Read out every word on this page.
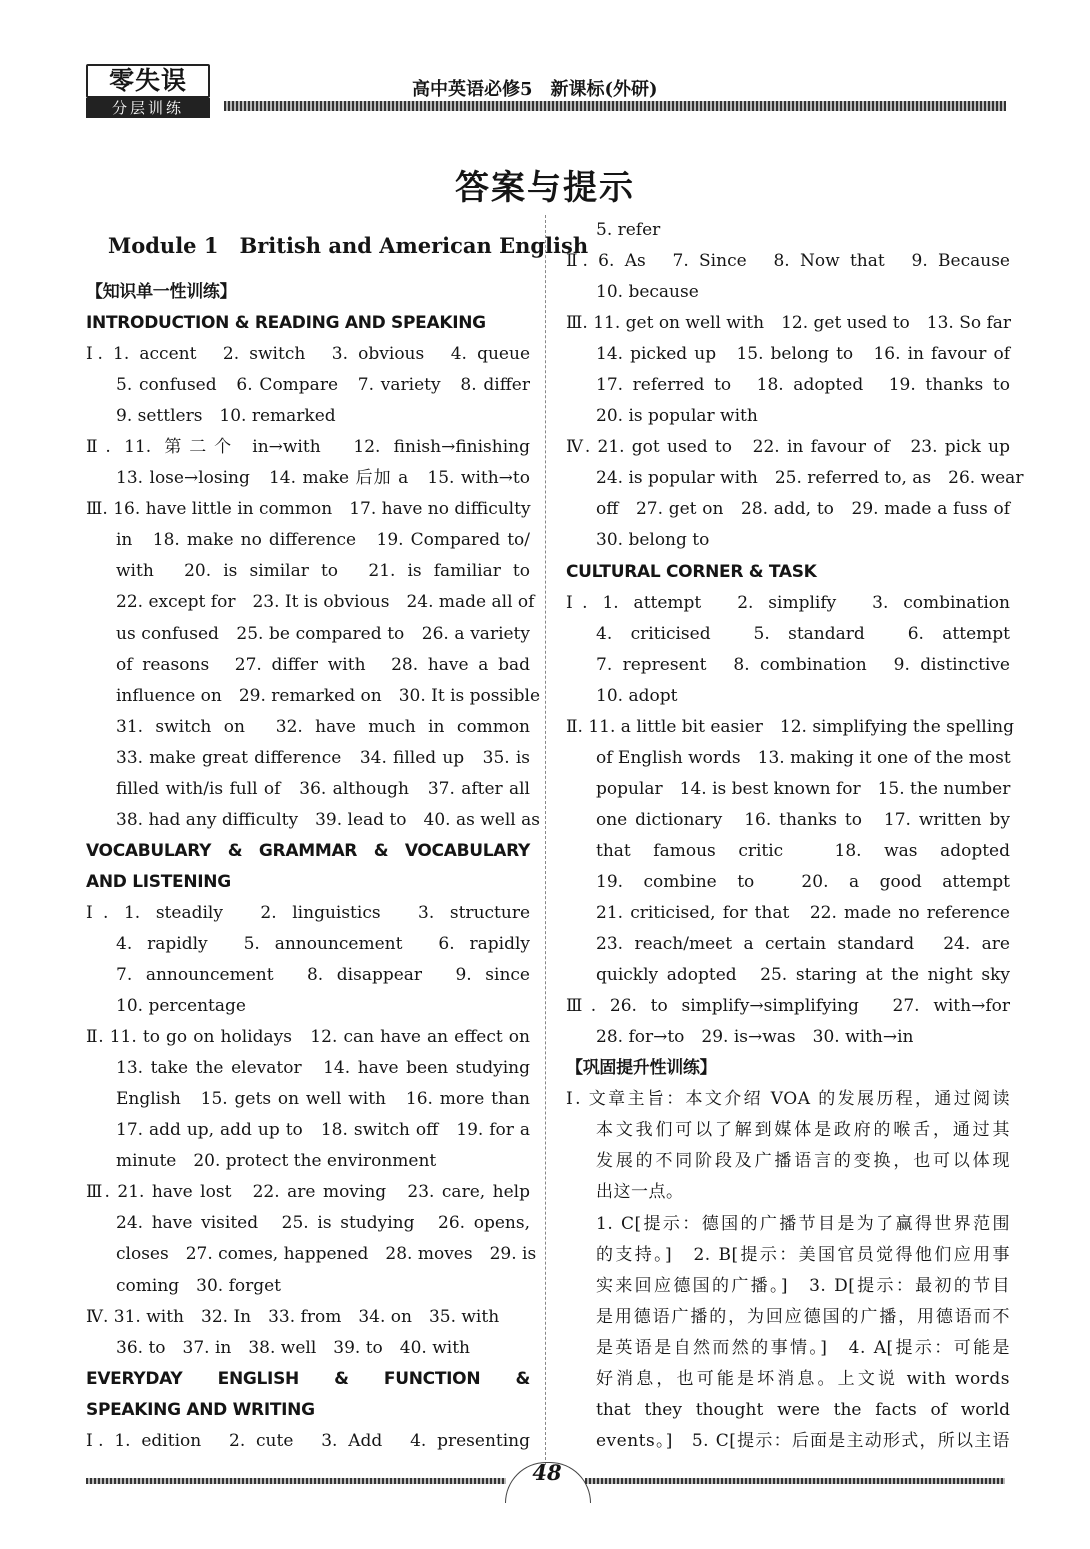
零失误
分层训练
高中英语必修5　新课标(外研)
答案与提示
Module 1　British and American English
【知识单一性训练】
INTRODUCTION & READING AND SPEAKING
Ⅰ. 1. accent　2. switch　3. obvious　4. queue
5. confused　6. Compare　7. variety　8. differ
9. settlers　10. remarked
Ⅱ. 11. 第二个 in→with　12. finish→finishing
13. lose→losing　14. make 后加 a　15. with→to
Ⅲ. 16. have little in common　17. have no difficulty
in　18. make no difference　19. Compared to/
with　20. is similar to　21. is familiar to
22. except for　23. It is obvious　24. made all of
us confused　25. be compared to　26. a variety
of reasons　27. differ with　28. have a bad
influence on　29. remarked on　30. It is possible
31. switch on　32. have much in common
33. make great difference　34. filled up　35. is
filled with/is full of　36. although　37. after all
38. had any difficulty　39. lead to　40. as well as
VOCABULARY & GRAMMAR & VOCABULARY
AND LISTENING
Ⅰ. 1. steadily　2. linguistics　3. structure
4. rapidly　5. announcement　6. rapidly
7. announcement　8. disappear　9. since
10. percentage
Ⅱ. 11. to go on holidays　12. can have an effect on
13. take the elevator　14. have been studying
English　15. gets on well with　16. more than
17. add up, add up to　18. switch off　19. for a
minute　20. protect the environment
Ⅲ. 21. have lost　22. are moving　23. care, help
24. have visited　25. is studying　26. opens,
closes　27. comes, happened　28. moves　29. is
coming　30. forget
Ⅳ. 31. with　32. In　33. from　34. on　35. with
36. to　37. in　38. well　39. to　40. with
EVERYDAY ENGLISH & FUNCTION &
SPEAKING AND WRITING
Ⅰ. 1. edition　2. cute　3. Add　4. presenting
5. refer
Ⅱ. 6. As　7. Since　8. Now that　9. Because
10. because
Ⅲ. 11. get on well with　12. get used to　13. So far
14. picked up　15. belong to　16. in favour of
17. referred to　18. adopted　19. thanks to
20. is popular with
Ⅳ. 21. got used to　22. in favour of　23. pick up
24. is popular with　25. referred to, as　26. wear
off　27. get on　28. add, to　29. made a fuss of
30. belong to
CULTURAL CORNER & TASK
Ⅰ. 1. attempt　2. simplify　3. combination
4. criticised　5. standard　6. attempt
7. represent　8. combination　9. distinctive
10. adopt
Ⅱ. 11. a little bit easier　12. simplifying the spelling
of English words　13. making it one of the most
popular　14. is best known for　15. the number
one dictionary　16. thanks to　17. written by
that famous critic　18. was adopted
19. combine to　20. a good attempt
21. criticised, for that　22. made no reference
23. reach/meet a certain standard　24. are
quickly adopted　25. staring at the night sky
Ⅲ. 26. to simplify→simplifying　27. with→for
28. for→to　29. is→was　30. with→in
【巩固提升性训练】
Ⅰ. 文章主旨：本文介绍 VOA 的发展历程，通过阅读
本文我们可以了解到媒体是政府的喉舌，通过其
发展的不同阶段及广播语言的变换，也可以体现
出这一点。
1. C[提示：德国的广播节目是为了赢得世界范围
的支持。]　2. B[提示：美国官员觉得他们应用事
实来回应德国的广播。]　3. D[提示：最初的节目
是用德语广播的，为回应德国的广播，用德语而不
是英语是自然而然的事情。]　4. A[提示：可能是
好消息，也可能是坏消息。上文说 with words
that they thought were the facts of world
events。]　5. C[提示：后面是主动形式，所以主语
48
